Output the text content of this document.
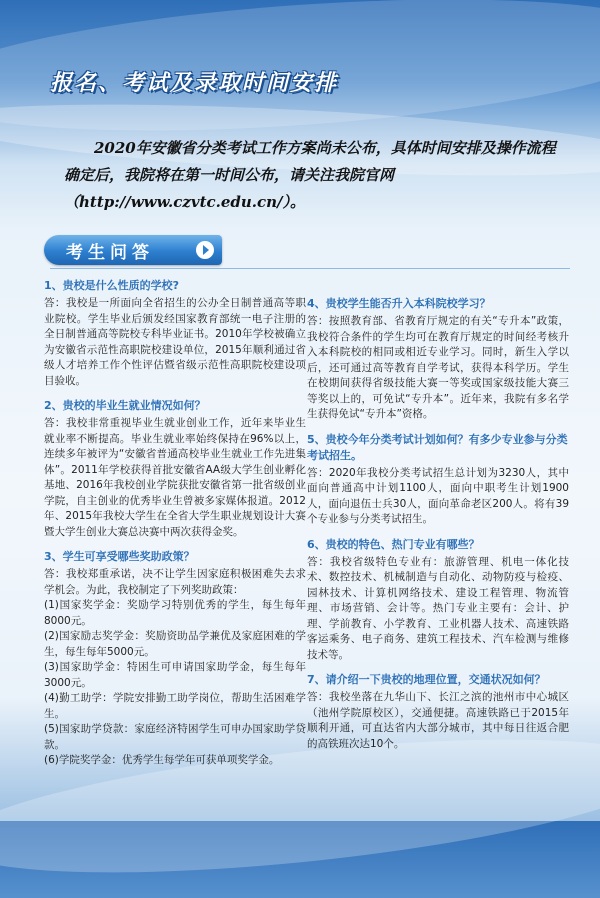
报名、考试及录取时间安排

2020年安徽省分类考试工作方案尚未公布，具体时间安排及操作流程确定后，我院将在第一时间公布，请关注我院官网（http://www.czvtc.edu.cn/）。

考生问答
1、贵校是什么性质的学校?

答：我校是一所面向全省招生的公办全日制普通高等职业院校。学生毕业后颁发经国家教育部统一电子注册的全日制普通高等院校专科毕业证书。2010年学校被确立为安徽省示范性高职院校建设单位，2015年顺利通过省级人才培养工作个性评估暨省级示范性高职院校建设项目验收。

2、贵校的毕业生就业情况如何？

答：我校非常重视毕业生就业创业工作，近年来毕业生就业率不断提高。毕业生就业率始终保持在96%以上，连续多年被评为“安徽省普通高校毕业生就业工作先进集体”。2011年学校获得首批安徽省AA级大学生创业孵化基地、2016年我校创业学院获批安徽省第一批省级创业学院，自主创业的优秀毕业生曾被多家媒体报道。2012年、2015年我校大学生在全省大学生职业规划设计大赛暨大学生创业大赛总决赛中两次获得金奖。

3、学生可享受哪些奖助政策？

答：我校郑重承诺，决不让学生因家庭积极困难失去求学机会。为此，我校制定了下列奖助政策：

(1)国家奖学金：奖励学习特别优秀的学生，每生每年8000元。

(2)国家励志奖学金：奖励资助品学兼优及家庭困难的学生，每生每年5000元。

(3)国家助学金：特困生可申请国家助学金，每生每年3000元。

(4)勤工助学：学院安排勤工助学岗位，帮助生活困难学生。

(5)国家助学贷款：家庭经济特困学生可申办国家助学贷款。

(6)学院奖学金：优秀学生每学年可获单项奖学金。

4、贵校学生能否升入本科院校学习？

答：按照教育部、省教育厅规定的有关“专升本”政策，我校符合条件的学生均可在教育厅规定的时间经考核升入本科院校的相同或相近专业学习。同时，新生入学以后，还可通过高等教育自学考试，获得本科学历。学生在校期间获得省级技能大赛一等奖或国家级技能大赛三等奖以上的，可免试“专升本”。近年来，我院有多名学生获得免试“专升本”资格。

5、贵校今年分类考试计划如何？有多少专业参与分类考试招生。

答：2020年我校分类考试招生总计划为3230人，其中面向普通高中计划1100人，面向中职考生计划1900人，面向退伍士兵30人，面向革命老区200人。将有39个专业参与分类考试招生。

6、贵校的特色、热门专业有哪些？

答：我校省级特色专业有：旅游管理、机电一体化技术、数控技术、机械制造与自动化、动物防疫与检疫、园林技术、计算机网络技术、建设工程管理、物流管理、市场营销、会计等。热门专业主要有：会计、护理、学前教育、小学教育、工业机器人技术、高速铁路客运乘务、电子商务、建筑工程技术、汽车检测与维修技术等。

7、请介绍一下贵校的地理位置，交通状况如何？

答：我校坐落在九华山下、长江之滨的池州市中心城区（池州学院原校区），交通便捷。高速铁路已于2015年顺利开通，可直达省内大部分城市，其中每日往返合肥的高铁班次达10个。
